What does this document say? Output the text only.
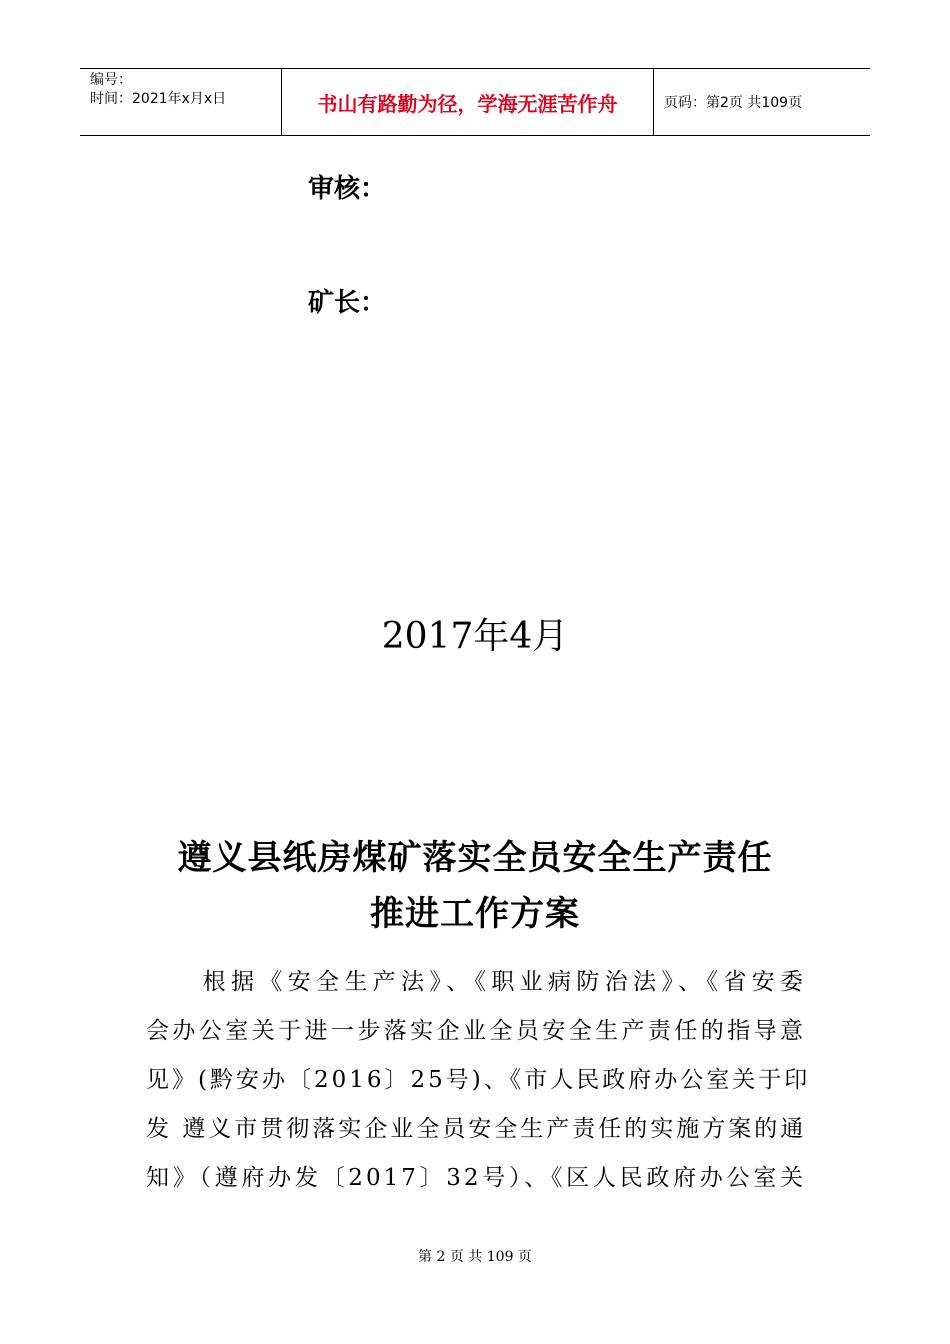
编号：
时间：2021年x月x日	书山有路勤为径，学海无涯苦作舟	页码：第2页 共109页
审核：
矿长：
2017年4月
遵义县纸房煤矿落实全员安全生产责任
推进工作方案
　　根据《安全生产法》、《职业病防治法》、《省安委
会办公室关于进一步落实企业全员安全生产责任的指导意
见》(黔安办〔2016〕25号)、《市人民政府办公室关于印
发 遵义市贯彻落实企业全员安全生产责任的实施方案的通
知》（遵府办发〔2017〕32号）、《区人民政府办公室关
第 2 页 共 109 页
